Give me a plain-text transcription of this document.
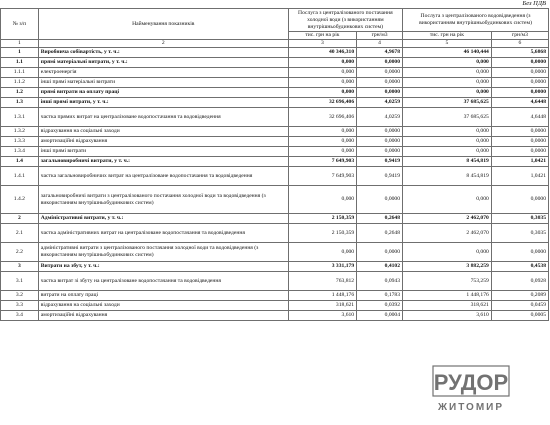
Без ПДВ
№ з/п	Найменування показників	Послуга з централізованого постачання холодної води (з використанням внутрішньобудинкових систем)		Послуга з централізованого водовідведення (з використанням внутрішньобудинкових систем)	
		тис. грн на рік	грн/м3	тис. грн на рік	грн/м3
1	2	3	4	5	6
1	Виробнича собівартість, у т. ч.:	40 346,310	4,9678	46 140,444	5,6868
1.1	прямі матеріальні витрати, у т. ч.:	0,000	0,0000	0,000	0,0000
1.1.1	електроенергія	0,000	0,0000	0,000	0,0000
1.1.2	інші прямі матеріальні витрати	0,000	0,0000	0,000	0,0000
1.2	прямі витрати на оплату праці	0,000	0,0000	0,000	0,0000
1.3	інші прямі витрати, у т. ч.:	32 696,406	4,0259	37 685,625	4,6448
1.3.1	частка прямих витрат на централізоване водопостачання та водовідведення	32 696,406	4,0259	37 685,625	4,6448
1.3.2	відрахування на соціальні заходи	0,000	0,0000	0,000	0,0000
1.3.3	амортизаційні відрахування	0,000	0,0000	0,000	0,0000
1.3.4	інші прямі витрати	0,000	0,0000	0,000	0,0000
1.4	загальновиробничі витрати, у т. ч.:	7 649,903	0,9419	8 454,819	1,0421
1.4.1	частка загальновиробничих витрат на централізоване водопостачання та водовідведення	7 649,903	0,9419	8 454,819	1,0421
1.4.2	загальновиробничі витрати з централізованого постачання холодної води та водовідведення (з використанням внутрішньобудинкових систем)	0,000	0,0000	0,000	0,0000
2	Адміністративні витрати, у т. ч.:	2 150,359	0,2648	2 462,070	0,3035
2.1	частка адміністративних витрат на централізоване водопостачання та водовідведення	2 150,359	0,2648	2 462,070	0,3035
2.2	адміністративні витрати з централізованого постачання холодної води та водовідведення (з використанням внутрішньобудинкових систем)	0,000	0,0000	0,000	0,0000
3	Витрати на збут, у т. ч.:	3 331,179	0,4102	3 882,259	0,4538
3.1	частка витрат зі збуту на централізоване водопостачання та водовідведення	763,812	0,0943	753,259	0,0928
3.2	витрати на оплату праці	1 448,176	0,1783	1 448,176	0,2089
3.3	відрахування на соціальні заходи	318,621	0,0392	318,621	0,0459
3.4	амортизаційні відрахування	3,610	0,0004	3,610	0,0005
РУДОР
ЖИТОМИР
